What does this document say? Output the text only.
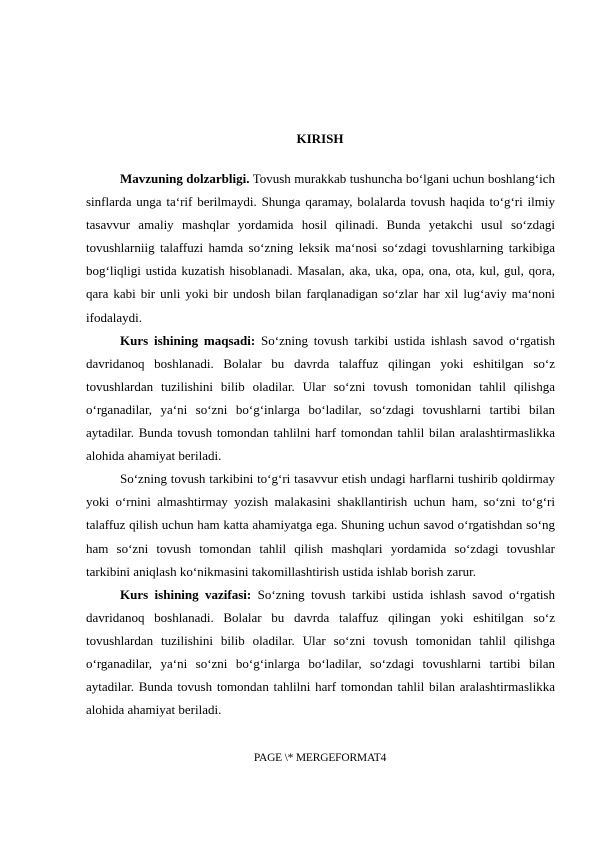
KIRISH

Mavzuning dolzarbligi. Tovush murakkab tushuncha bo‘lgani uchun boshlang‘ich sinflarda unga ta‘rif berilmaydi. Shunga qaramay, bolalarda tovush haqida to‘g‘ri ilmiy tasavvur amaliy mashqlar yordamida hosil qilinadi. Bunda yetakchi usul so‘zdagi tovushlarniig talaffuzi hamda so‘zning leksik ma‘nosi so‘zdagi tovushlarning tarkibiga bog‘liqligi ustida kuzatish hisoblanadi. Masalan, aka, uka, opa, ona, ota, kul, gul, qora, qara kabi bir unli yoki bir undosh bilan farqlanadigan so‘zlar har xil lug‘aviy ma‘noni ifodalaydi.

Kurs ishining maqsadi: So‘zning tovush tarkibi ustida ishlash savod o‘rgatish davridanoq boshlanadi. Bolalar bu davrda talaffuz qilingan yoki eshitilgan so‘z tovushlardan tuzilishini bilib oladilar. Ular so‘zni tovush tomonidan tahlil qilishga o‘rganadilar, ya‘ni so‘zni bo‘g‘inlarga bo‘ladilar, so‘zdagi tovushlarni tartibi bilan aytadilar. Bunda tovush tomondan tahlilni harf tomondan tahlil bilan aralashtirmaslikka alohida ahamiyat beriladi.

So‘zning tovush tarkibini to‘g‘ri tasavvur etish undagi harflarni tushirib qoldirmay yoki o‘rnini almashtirmay yozish malakasini shakllantirish uchun ham, so‘zni to‘g‘ri talaffuz qilish uchun ham katta ahamiyatga ega. Shuning uchun savod o‘rgatishdan so‘ng ham so‘zni tovush tomondan tahlil qilish mashqlari yordamida so‘zdagi tovushlar tarkibini aniqlash ko‘nikmasini takomillashtirish ustida ishlab borish zarur.

Kurs ishining vazifasi: So‘zning tovush tarkibi ustida ishlash savod o‘rgatish davridanoq boshlanadi. Bolalar bu davrda talaffuz qilingan yoki eshitilgan so‘z tovushlardan tuzilishini bilib oladilar. Ular so‘zni tovush tomonidan tahlil qilishga o‘rganadilar, ya‘ni so‘zni bo‘g‘inlarga bo‘ladilar, so‘zdagi tovushlarni tartibi bilan aytadilar. Bunda tovush tomondan tahlilni harf tomondan tahlil bilan aralashtirmaslikka alohida ahamiyat beriladi.

PAGE \* MERGEFORMAT4
